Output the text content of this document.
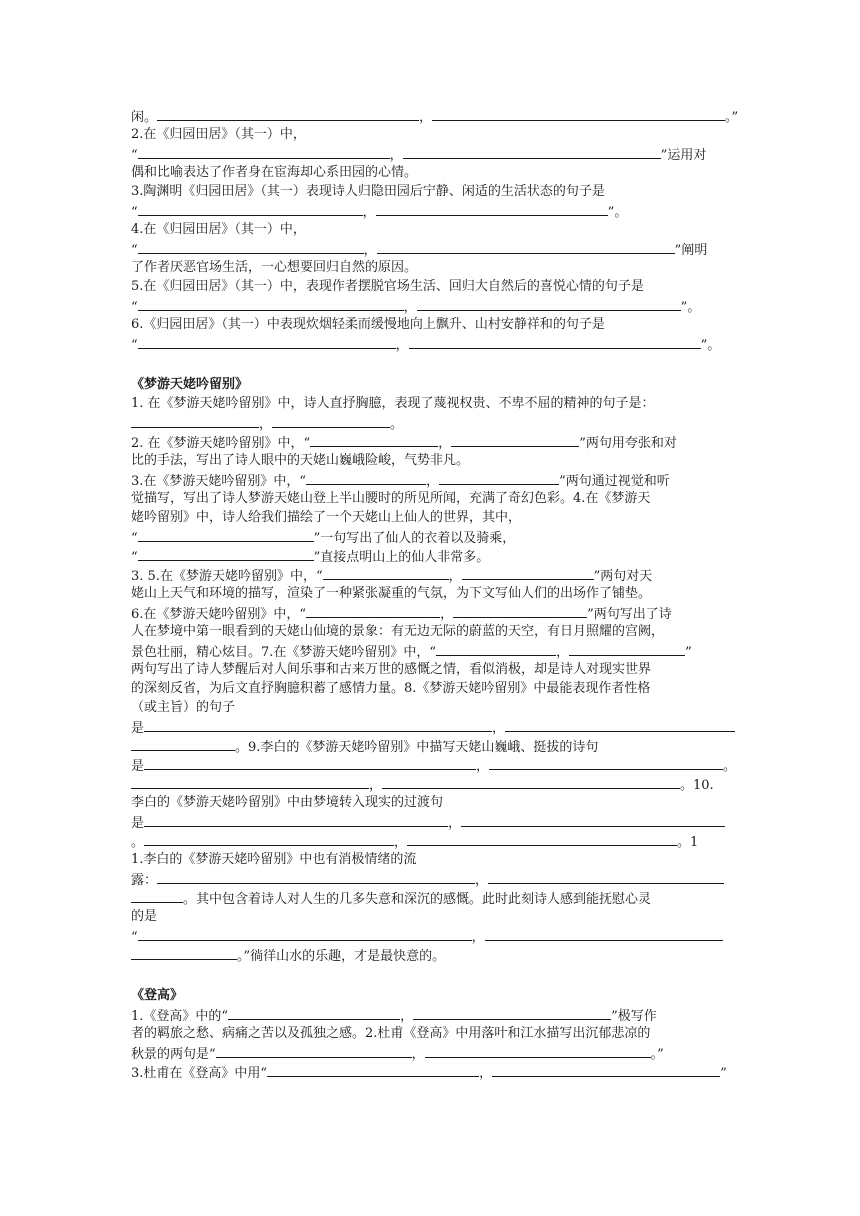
闲。	，	。”
2.在《归园田居》（其一）中，
“	，	”运用对
偶和比喻表达了作者身在宦海却心系田园的心情。
3.陶渊明《归园田居》（其一）表现诗人归隐田园后宁静、闲适的生活状态的句子是
“	，	”。
4.在《归园田居》（其一）中，
“	，	”阐明
了作者厌恶官场生活，一心想要回归自然的原因。
5.在《归园田居》（其一）中，表现作者摆脱官场生活、回归大自然后的喜悦心情的句子是
“	，	”。
6.《归园田居》（其一）中表现炊烟轻柔而缓慢地向上飘升、山村安静祥和的句子是
“	，	”。
《梦游天姥吟留别》
1. 在《梦游天姥吟留别》中，诗人直抒胸臆，表现了蔑视权贵、不卑不屈的精神的句子是：
，	。
2. 在《梦游天姥吟留别》中，“	，	”两句用夸张和对
比的手法，写出了诗人眼中的天姥山巍峨险峻，气势非凡。
3.在《梦游天姥吟留别》中，“	，	”两句通过视觉和听
觉描写，写出了诗人梦游天姥山登上半山腰时的所见所闻，充满了奇幻色彩。4.在《梦游天
姥吟留别》中，诗人给我们描绘了一个天姥山上仙人的世界，其中，
“	”一句写出了仙人的衣着以及骑乘，
“	”直接点明山上的仙人非常多。
3. 5.在《梦游天姥吟留别》中，“	，	”两句对天
姥山上天气和环境的描写，渲染了一种紧张凝重的气氛，为下文写仙人们的出场作了铺垫。
6.在《梦游天姥吟留别》中，“	，	”两句写出了诗
人在梦境中第一眼看到的天姥山仙境的景象：有无边无际的蔚蓝的天空，有日月照耀的宫阙，
景色壮丽，精心炫目。7.在《梦游天姥吟留别》中，“	，	”
两句写出了诗人梦醒后对人间乐事和古来万世的感慨之情，看似消极，却是诗人对现实世界
的深刻反省，为后文直抒胸臆积蓄了感情力量。8.《梦游天姥吟留别》中最能表现作者性格
（或主旨）的句子
是	，
。9.李白的《梦游天姥吟留别》中描写天姥山巍峨、挺拔的诗句
是	，	。
，	。10.
李白的《梦游天姥吟留别》中由梦境转入现实的过渡句
是	，
。	，	。1
1.李白的《梦游天姥吟留别》中也有消极情绪的流
露：	，
。其中包含着诗人对人生的几多失意和深沉的感慨。此时此刻诗人感到能抚慰心灵
的是
“	，
。”徜徉山水的乐趣，才是最快意的。
《登高》
1.《登高》中的“	，	”极写作
者的羁旅之愁、病痛之苦以及孤独之感。2.杜甫《登高》中用落叶和江水描写出沉郁悲凉的
秋景的两句是“	，	。”
3.杜甫在《登高》中用“	，	”
